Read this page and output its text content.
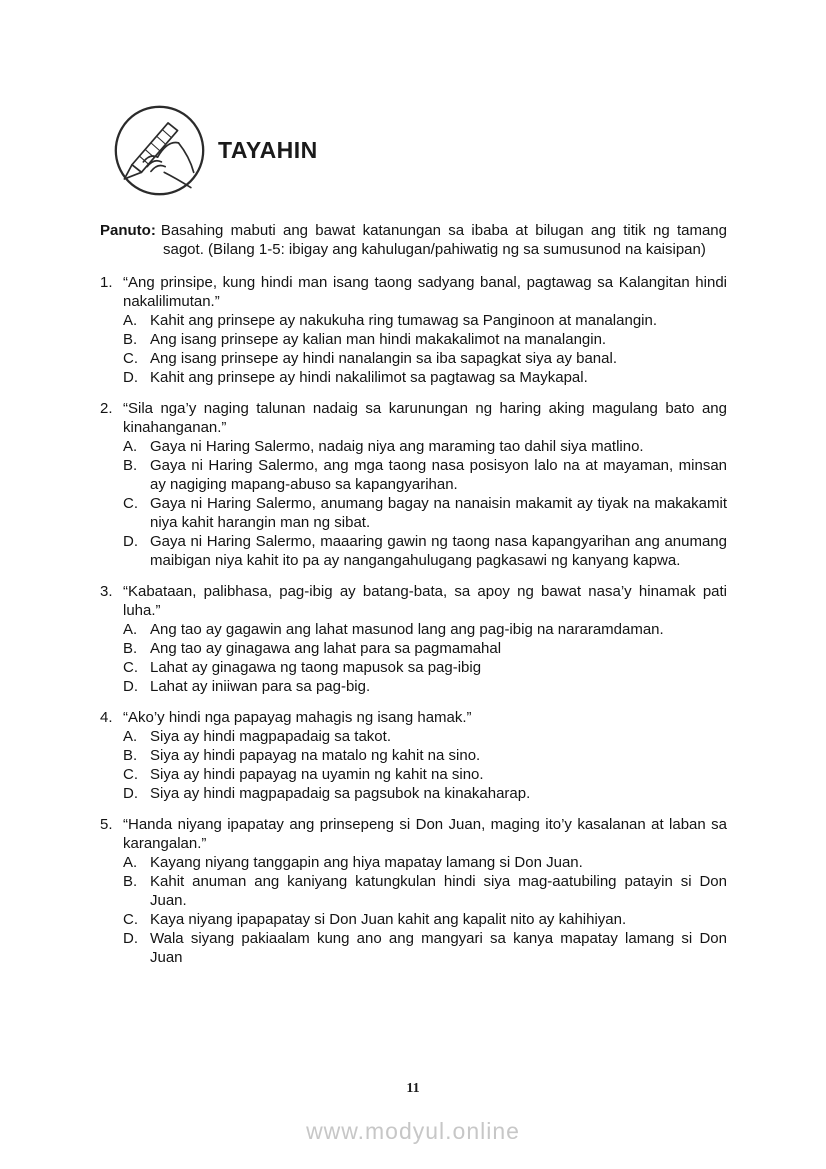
TAYAHIN

Panuto: Basahing mabuti ang bawat katanungan sa ibaba at bilugan ang titik ng tamang sagot. (Bilang 1-5: ibigay ang kahulugan/pahiwatig ng sa sumusunod na kaisipan)

1. “Ang prinsipe, kung hindi man isang taong sadyang banal, pagtawag sa Kalangitan hindi nakalilimutan.”

A. Kahit ang prinsepe ay nakukuha ring tumawag sa Panginoon at manalangin.
B. Ang isang prinsepe ay kalian man hindi makakalimot na manalangin.
C. Ang isang prinsepe ay hindi nanalangin sa iba sapagkat siya ay banal.
D. Kahit ang prinsepe ay hindi nakalilimot sa pagtawag sa Maykapal.
2. “Sila nga’y naging talunan nadaig sa karunungan ng haring aking magulang bato ang kinahanganan.”

A. Gaya ni Haring Salermo, nadaig niya ang maraming tao dahil siya matlino.
B. Gaya ni Haring Salermo, ang mga taong nasa posisyon lalo na at mayaman, minsan ay nagiging mapang-abuso sa kapangyarihan.
C. Gaya ni Haring Salermo, anumang bagay na nanaisin makamit ay tiyak na makakamit niya kahit harangin man ng sibat.
D. Gaya ni Haring Salermo, maaaring gawin ng taong nasa kapangyarihan ang anumang maibigan niya kahit ito pa ay nangangahulugang pagkasawi ng kanyang kapwa.
3. “Kabataan, palibhasa, pag-ibig ay batang-bata, sa apoy ng bawat nasa’y hinamak pati luha.”

A. Ang tao ay gagawin ang lahat masunod lang ang pag-ibig na nararamdaman.
B. Ang tao ay ginagawa ang lahat para sa pagmamahal
C. Lahat ay ginagawa ng taong mapusok sa pag-ibig
D. Lahat ay iniiwan para sa pag-big.
4. “Ako’y hindi nga papayag mahagis ng isang hamak.”

A. Siya ay hindi magpapadaig sa takot.
B. Siya ay hindi papayag na matalo ng kahit na sino.
C. Siya ay hindi papayag na uyamin ng kahit na sino.
D. Siya ay hindi magpapadaig sa pagsubok na kinakaharap.
5. “Handa niyang ipapatay ang prinsepeng si Don Juan, maging ito’y kasalanan at laban sa karangalan.”

A. Kayang niyang tanggapin ang hiya mapatay lamang si Don Juan.
B. Kahit anuman ang kaniyang katungkulan hindi siya mag-aatubiling patayin si Don Juan.
C. Kaya niyang ipapapatay si Don Juan kahit ang kapalit nito ay kahihiyan.
D. Wala siyang pakiaalam kung ano ang mangyari sa kanya mapatay lamang si Don Juan
11
www.modyul.online
